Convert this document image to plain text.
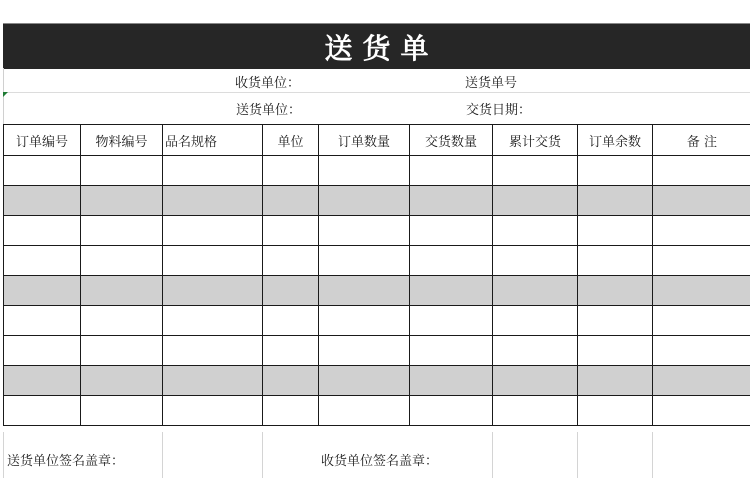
送货单
收货单位：	送货单号
送货单位：	交货日期：
订单编号	物料编号	品名规格	单位	订单数量	交货数量	累计交货	订单余数	备 注

送货单位签名盖章：	收货单位签名盖章：
